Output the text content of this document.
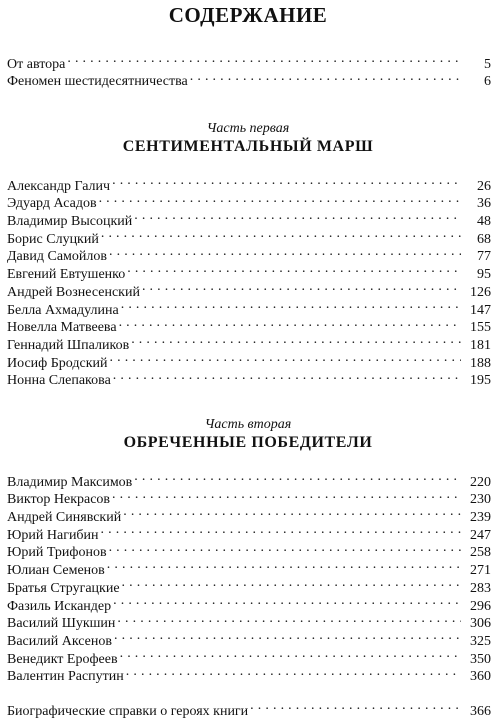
СОДЕРЖАНИЕ
От автора . . .	5
Феномен шестидесятничества . . .	6

Часть первая

СЕНТИМЕНТАЛЬНЫЙ МАРШ
Александр Галич . . .	26
Эдуард Асадов . . .	36
Владимир Высоцкий . . .	48
Борис Слуцкий . . .	68
Давид Самойлов . . .	77
Евгений Евтушенко . . .	95
Андрей Вознесенский . . .	126
Белла Ахмадулина . . .	147
Новелла Матвеева . . .	155
Геннадий Шпаликов . . .	181
Иосиф Бродский . . .	188
Нонна Слепакова . . .	195

Часть вторая

ОБРЕЧЕННЫЕ ПОБЕДИТЕЛИ
Владимир Максимов . . .	220
Виктор Некрасов . . .	230
Андрей Синявский . . .	239
Юрий Нагибин . . .	247
Юрий Трифонов . . .	258
Юлиан Семенов . . .	271
Братья Стругацкие . . .	283
Фазиль Искандер . . .	296
Василий Шукшин . . .	306
Василий Аксенов . . .	325
Венедикт Ерофеев . . .	350
Валентин Распутин . . .	360
Биографические справки о героях книги . . .	366
